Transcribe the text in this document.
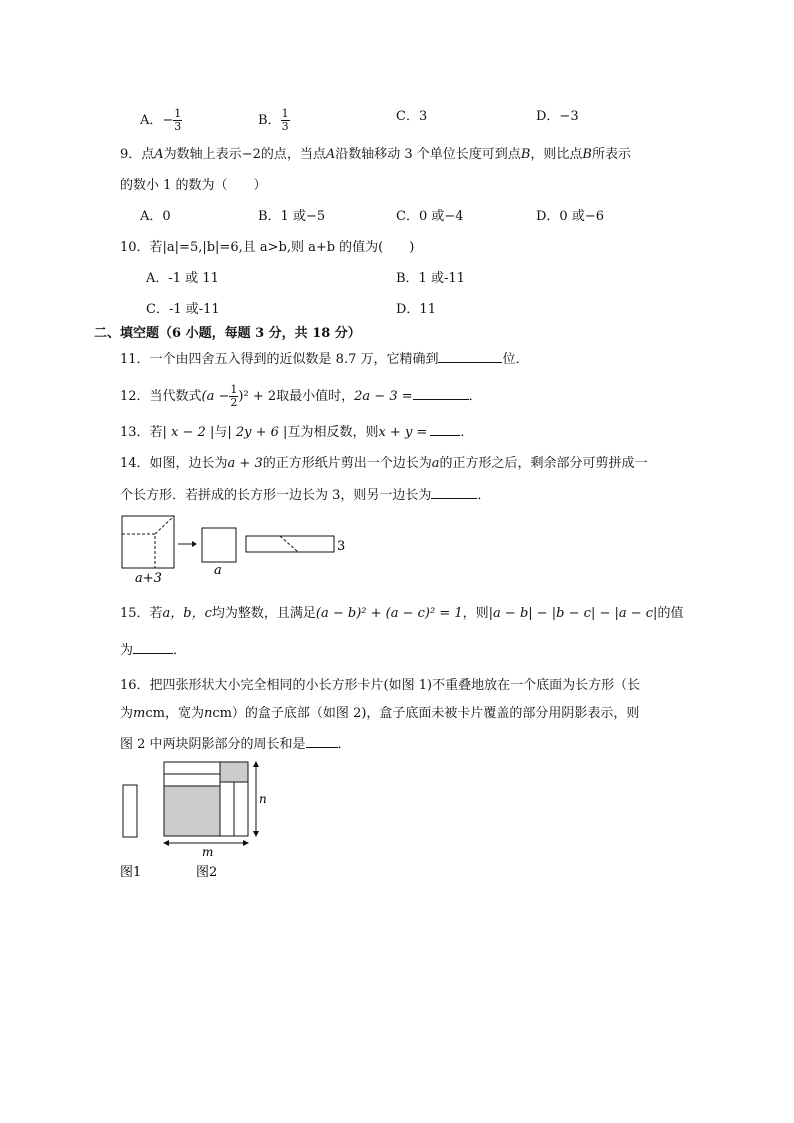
A．− $\frac{1}{3}$	B． $\frac{1}{3}$	C．3	D．−3
9．点A为数轴上表示−2的点，当点A沿数轴移动 3 个单位长度可到点B，则比点B所表示
的数小 1 的数为（　　）
A．0	B．1 或−5	C．0 或−4	D．0 或−6
10．若|a|=5,|b|=6,且 a>b,则 a+b 的值为(　　)
A．-1 或 11	B．1 或-11
C．-1 或-11	D．11
二、填空题（6 小题，每题 3 分，共 18 分）
11．一个由四舍五入得到的近似数是 8.7 万，它精确到	位．
12．当代数式$(a - \frac{1}{2} )^2 + 2$取最小值时，2a − 3 =	．
13．若| x − 2 |与| 2y + 6 |互为相反数，则x + y =	．
14．如图，边长为a + 3的正方形纸片剪出一个边长为a的正方形之后，剩余部分可剪拼成一
个长方形．若拼成的长方形一边长为 3，则另一边长为	．
a+3
a
3
15．若a，b，c均为整数，且满足(a − b)² + (a − c)² = 1，则|a − b| − |b − c| − |a − c|的值
为	．
16．把四张形状大小完全相同的小长方形卡片(如图 1)不重叠地放在一个底面为长方形（长
为mcm，宽为ncm）的盒子底部（如图 2)，盒子底面未被卡片覆盖的部分用阴影表示，则
图 2 中两块阴影部分的周长和是 ．
n
m
图1	图2
